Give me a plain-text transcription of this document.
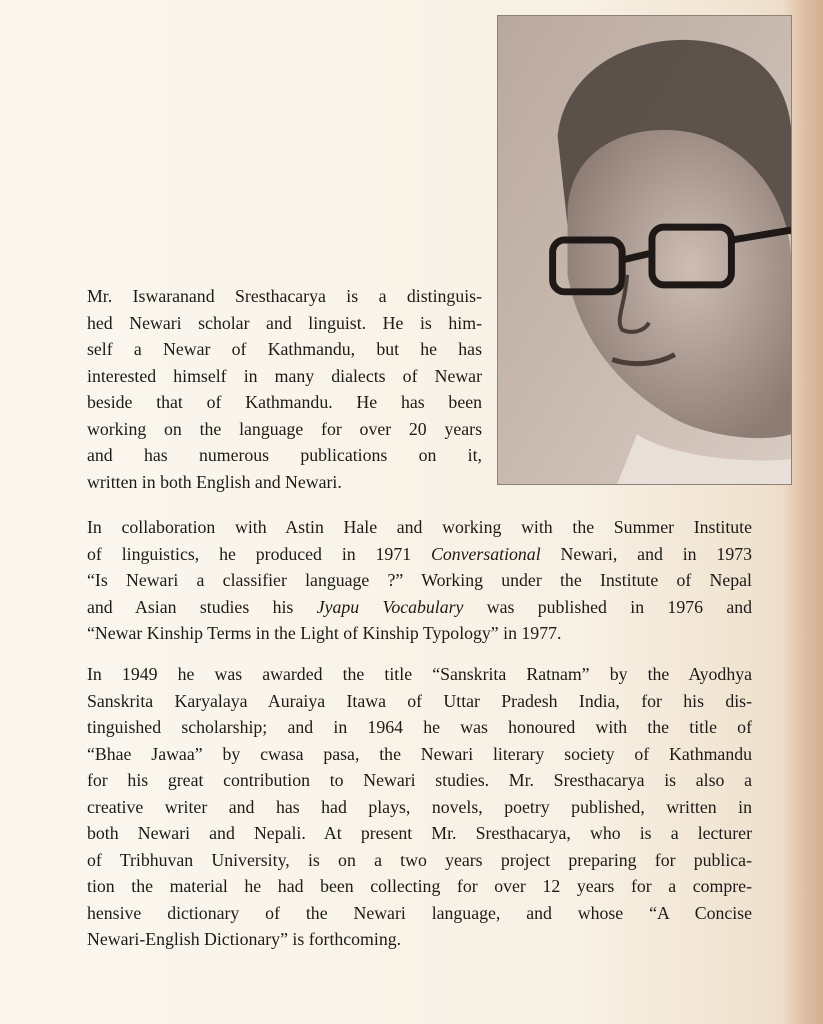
Mr. Iswaranand Sresthacarya is a distinguis-
hed Newari scholar and linguist. He is him-
self a Newar of Kathmandu, but he has
interested himself in many dialects of Newar
beside that of Kathmandu. He has been
working on the language for over 20 years
and has numerous publications on it,
written in both English and Newari.
In collaboration with Astin Hale and working with the Summer Institute
of linguistics, he produced in 1971 Conversational Newari, and in 1973
“Is Newari a classifier language ?” Working under the Institute of Nepal
and Asian studies his Jyapu Vocabulary was published in 1976 and
“Newar Kinship Terms in the Light of Kinship Typology” in 1977.
In 1949 he was awarded the title “Sanskrita Ratnam” by the Ayodhya
Sanskrita Karyalaya Auraiya Itawa of Uttar Pradesh India, for his dis-
tinguished scholarship; and in 1964 he was honoured with the title of
“Bhae Jawaa” by cwasa pasa, the Newari literary society of Kathmandu
for his great contribution to Newari studies. Mr. Sresthacarya is also a
creative writer and has had plays, novels, poetry published, written in
both Newari and Nepali. At present Mr. Sresthacarya, who is a lecturer
of Tribhuvan University, is on a two years project preparing for publica-
tion the material he had been collecting for over 12 years for a compre-
hensive dictionary of the Newari language, and whose “A Concise
Newari-English Dictionary” is forthcoming.
